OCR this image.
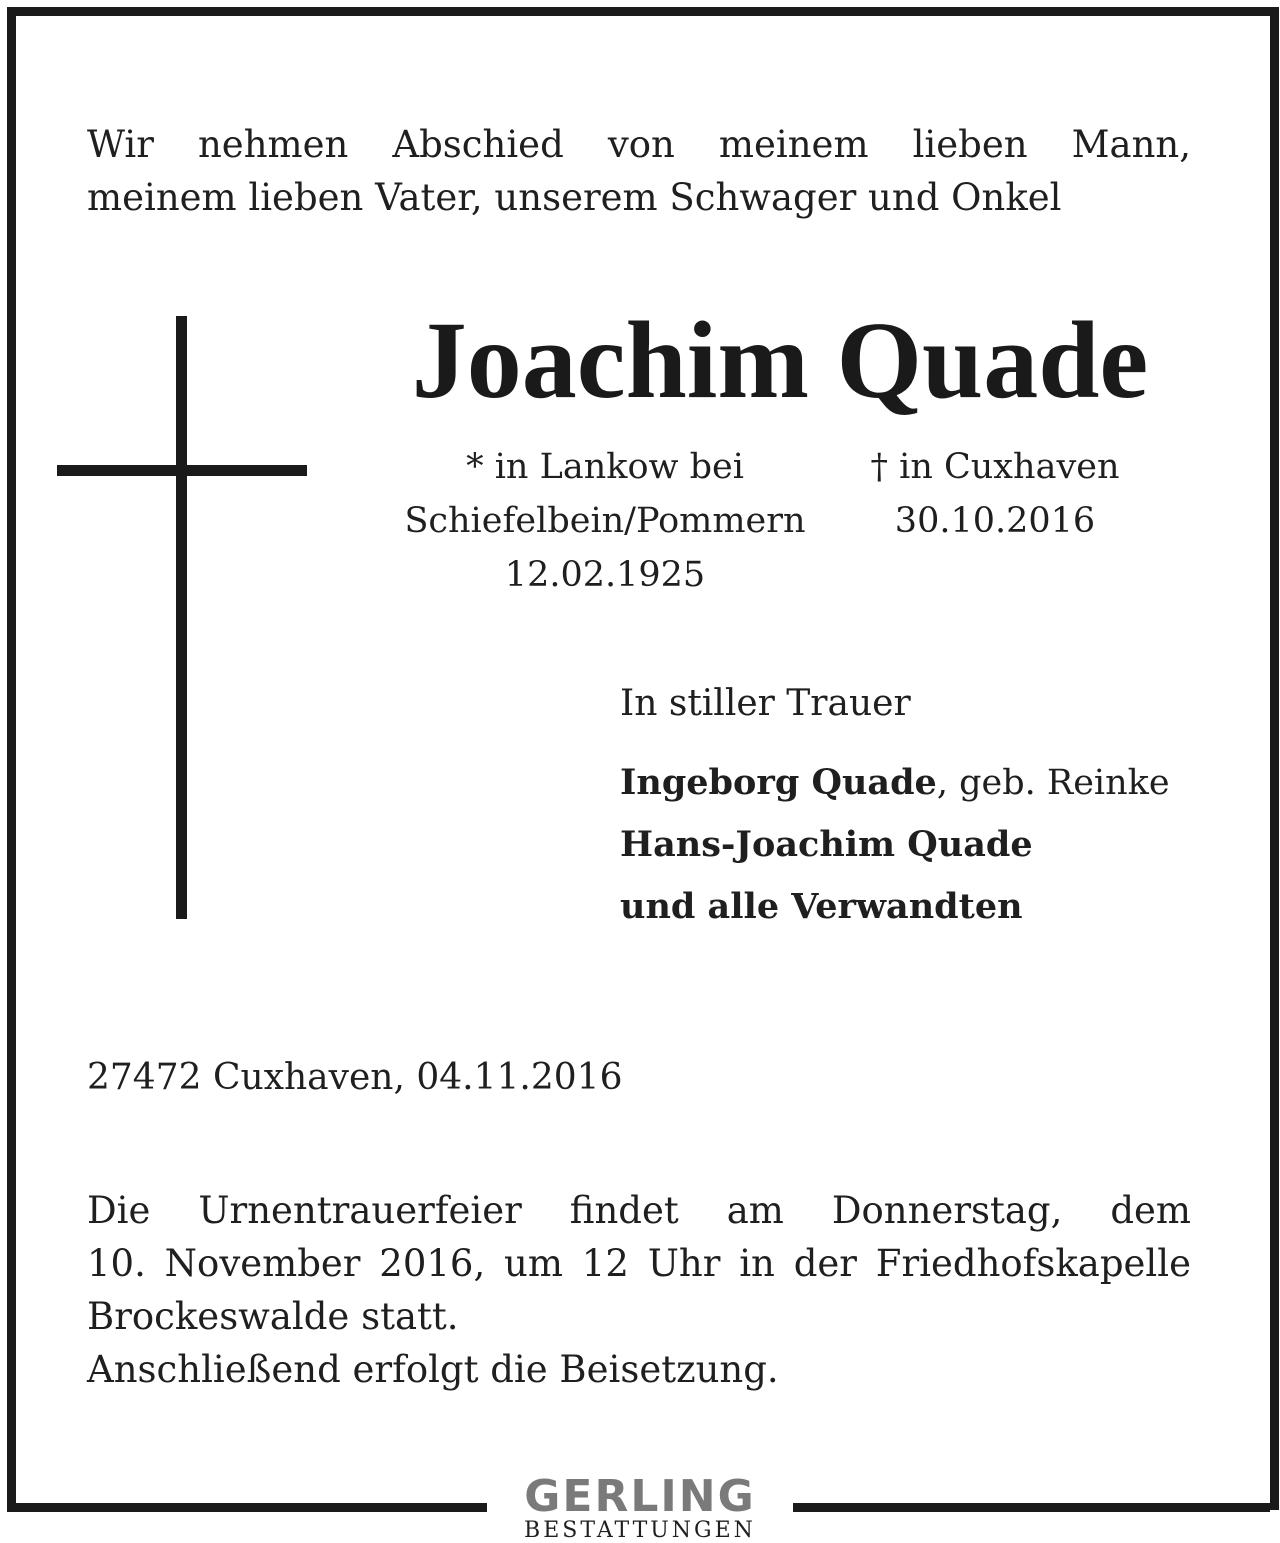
Wir nehmen Abschied von meinem lieben Mann,
meinem lieben Vater, unserem Schwager und Onkel
Joachim Quade
* in Lankow bei
Schiefelbein/Pommern
12.02.1925
† in Cuxhaven
30.10.2016
In stiller Trauer
Ingeborg Quade, geb. Reinke
Hans-Joachim Quade
und alle Verwandten
27472 Cuxhaven, 04.11.2016
Die Urnentrauerfeier findet am Donnerstag, dem
10. November 2016, um 12 Uhr in der Friedhofskapelle
Brockeswalde statt.
Anschließend erfolgt die Beisetzung.
GERLING
BESTATTUNGEN
